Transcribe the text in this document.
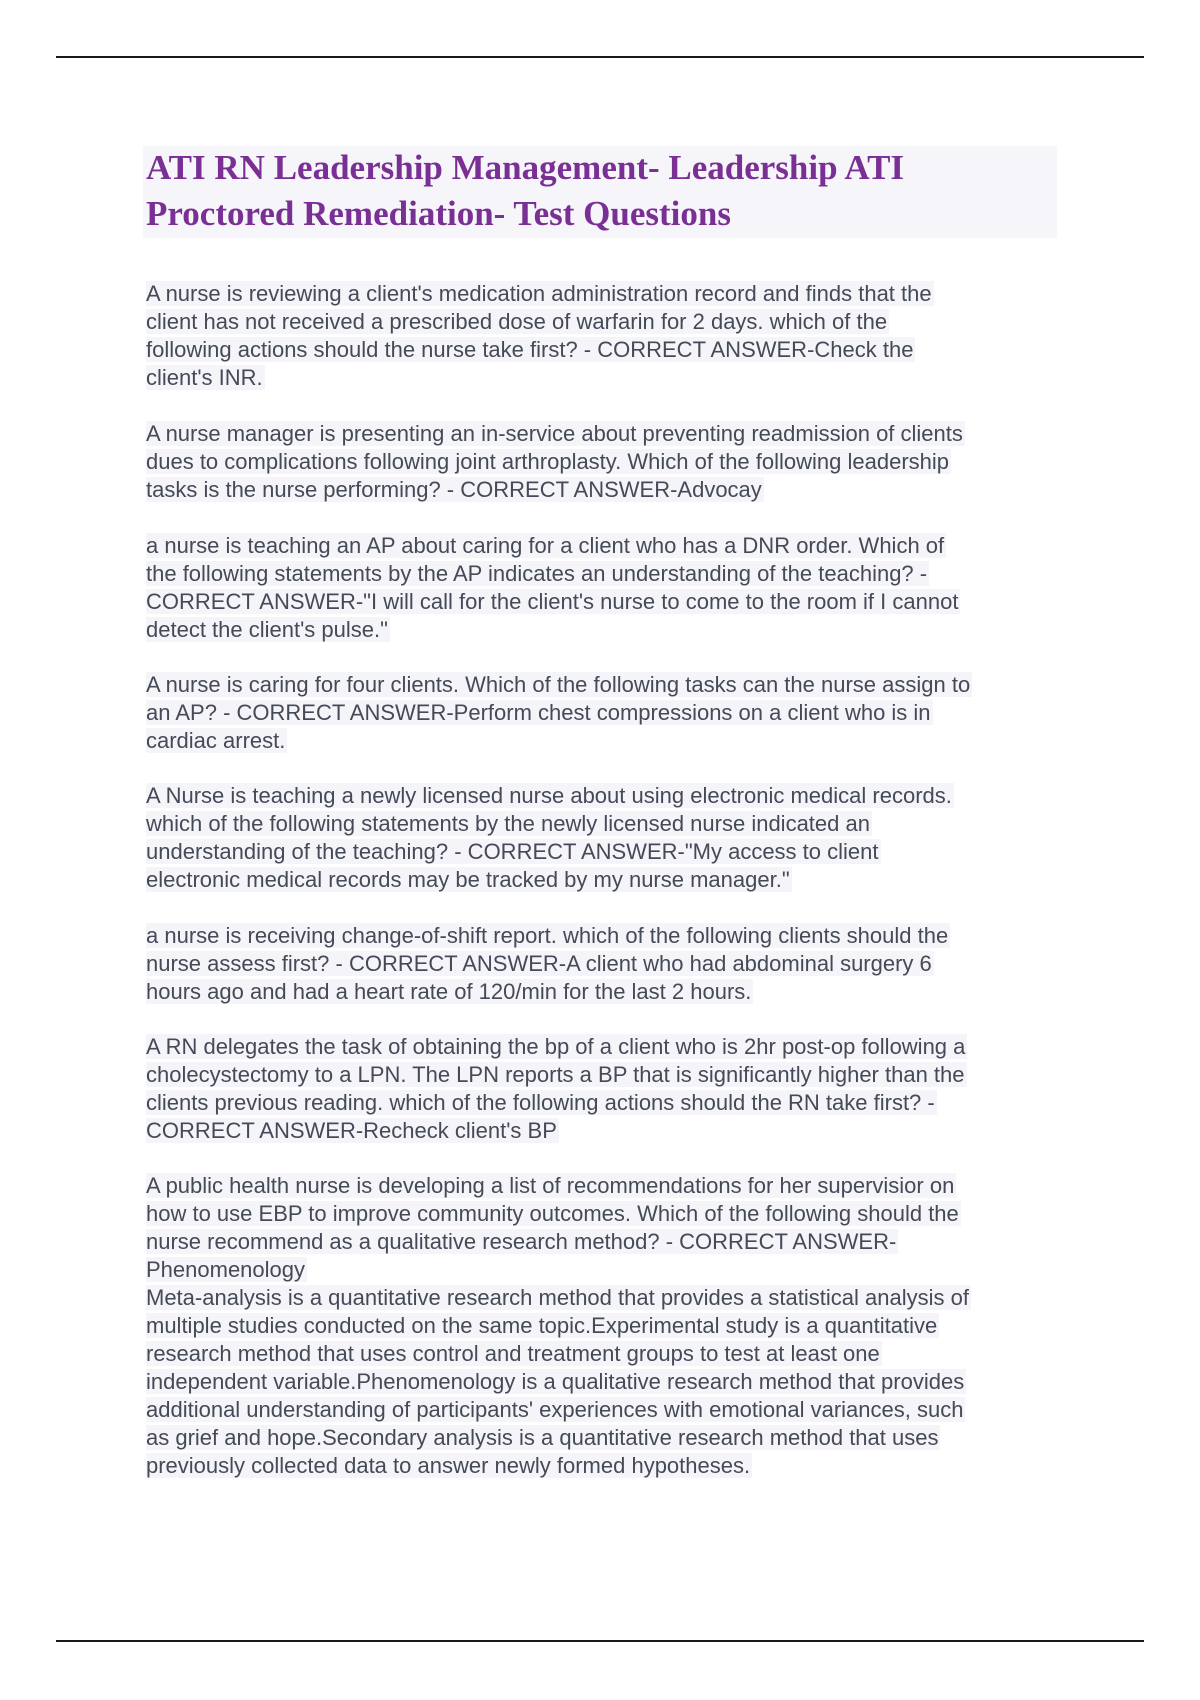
ATI RN Leadership Management- Leadership ATI
Proctored Remediation- Test Questions
A nurse is reviewing a client's medication administration record and finds that the
client has not received a prescribed dose of warfarin for 2 days. which of the
following actions should the nurse take first? - CORRECT ANSWER-Check the
client's INR.
A nurse manager is presenting an in-service about preventing readmission of clients
dues to complications following joint arthroplasty. Which of the following leadership
tasks is the nurse performing? - CORRECT ANSWER-Advocay
a nurse is teaching an AP about caring for a client who has a DNR order. Which of
the following statements by the AP indicates an understanding of the teaching? -
CORRECT ANSWER-"I will call for the client's nurse to come to the room if I cannot
detect the client's pulse."
A nurse is caring for four clients. Which of the following tasks can the nurse assign to
an AP? - CORRECT ANSWER-Perform chest compressions on a client who is in
cardiac arrest.
A Nurse is teaching a newly licensed nurse about using electronic medical records.
which of the following statements by the newly licensed nurse indicated an
understanding of the teaching? - CORRECT ANSWER-"My access to client
electronic medical records may be tracked by my nurse manager."
a nurse is receiving change-of-shift report. which of the following clients should the
nurse assess first? - CORRECT ANSWER-A client who had abdominal surgery 6
hours ago and had a heart rate of 120/min for the last 2 hours.
A RN delegates the task of obtaining the bp of a client who is 2hr post-op following a
cholecystectomy to a LPN. The LPN reports a BP that is significantly higher than the
clients previous reading. which of the following actions should the RN take first? -
CORRECT ANSWER-Recheck client's BP
A public health nurse is developing a list of recommendations for her supervisior on
how to use EBP to improve community outcomes. Which of the following should the
nurse recommend as a qualitative research method? - CORRECT ANSWER-
Phenomenology
Meta-analysis is a quantitative research method that provides a statistical analysis of
multiple studies conducted on the same topic.Experimental study is a quantitative
research method that uses control and treatment groups to test at least one
independent variable.Phenomenology is a qualitative research method that provides
additional understanding of participants' experiences with emotional variances, such
as grief and hope.Secondary analysis is a quantitative research method that uses
previously collected data to answer newly formed hypotheses.
